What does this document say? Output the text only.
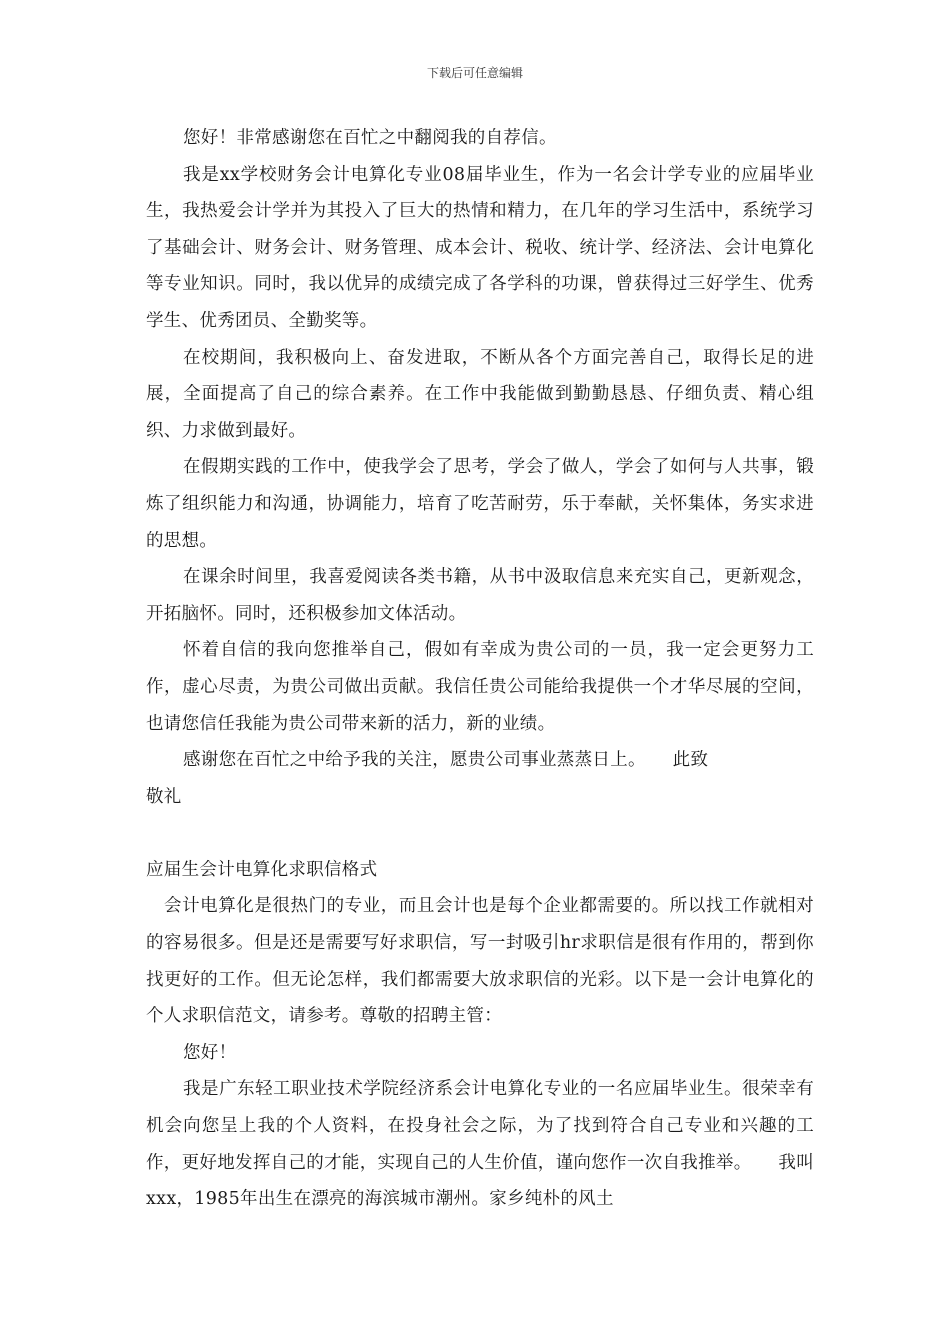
下载后可任意编辑

您好！非常感谢您在百忙之中翻阅我的自荐信。

我是xx学校财务会计电算化专业08届毕业生，作为一名会计学专业的应届毕业生，我热爱会计学并为其投入了巨大的热情和精力，在几年的学习生活中，系统学习了基础会计、财务会计、财务管理、成本会计、税收、统计学、经济法、会计电算化等专业知识。同时，我以优异的成绩完成了各学科的功课，曾获得过三好学生、优秀学生、优秀团员、全勤奖等。

在校期间，我积极向上、奋发进取，不断从各个方面完善自己，取得长足的进展，全面提高了自己的综合素养。在工作中我能做到勤勤恳恳、仔细负责、精心组织、力求做到最好。

在假期实践的工作中，使我学会了思考，学会了做人，学会了如何与人共事，锻炼了组织能力和沟通，协调能力，培育了吃苦耐劳，乐于奉献，关怀集体，务实求进的思想。

在课余时间里，我喜爱阅读各类书籍，从书中汲取信息来充实自己，更新观念，开拓脑怀。同时，还积极参加文体活动。

怀着自信的我向您推举自己，假如有幸成为贵公司的一员，我一定会更努力工作，虚心尽责，为贵公司做出贡献。我信任贵公司能给我提供一个才华尽展的空间，也请您信任我能为贵公司带来新的活力，新的业绩。

感谢您在百忙之中给予我的关注，愿贵公司事业蒸蒸日上。　　此致

敬礼

应届生会计电算化求职信格式

会计电算化是很热门的专业，而且会计也是每个企业都需要的。所以找工作就相对的容易很多。但是还是需要写好求职信，写一封吸引hr求职信是很有作用的，帮到你找更好的工作。但无论怎样，我们都需要大放求职信的光彩。以下是一会计电算化的个人求职信范文，请参考。尊敬的招聘主管：

您好！

我是广东轻工职业技术学院经济系会计电算化专业的一名应届毕业生。很荣幸有机会向您呈上我的个人资料，在投身社会之际，为了找到符合自己专业和兴趣的工作，更好地发挥自己的才能，实现自己的人生价值，谨向您作一次自我推举。　　我叫xxx，1985年出生在漂亮的海滨城市潮州。家乡纯朴的风土
